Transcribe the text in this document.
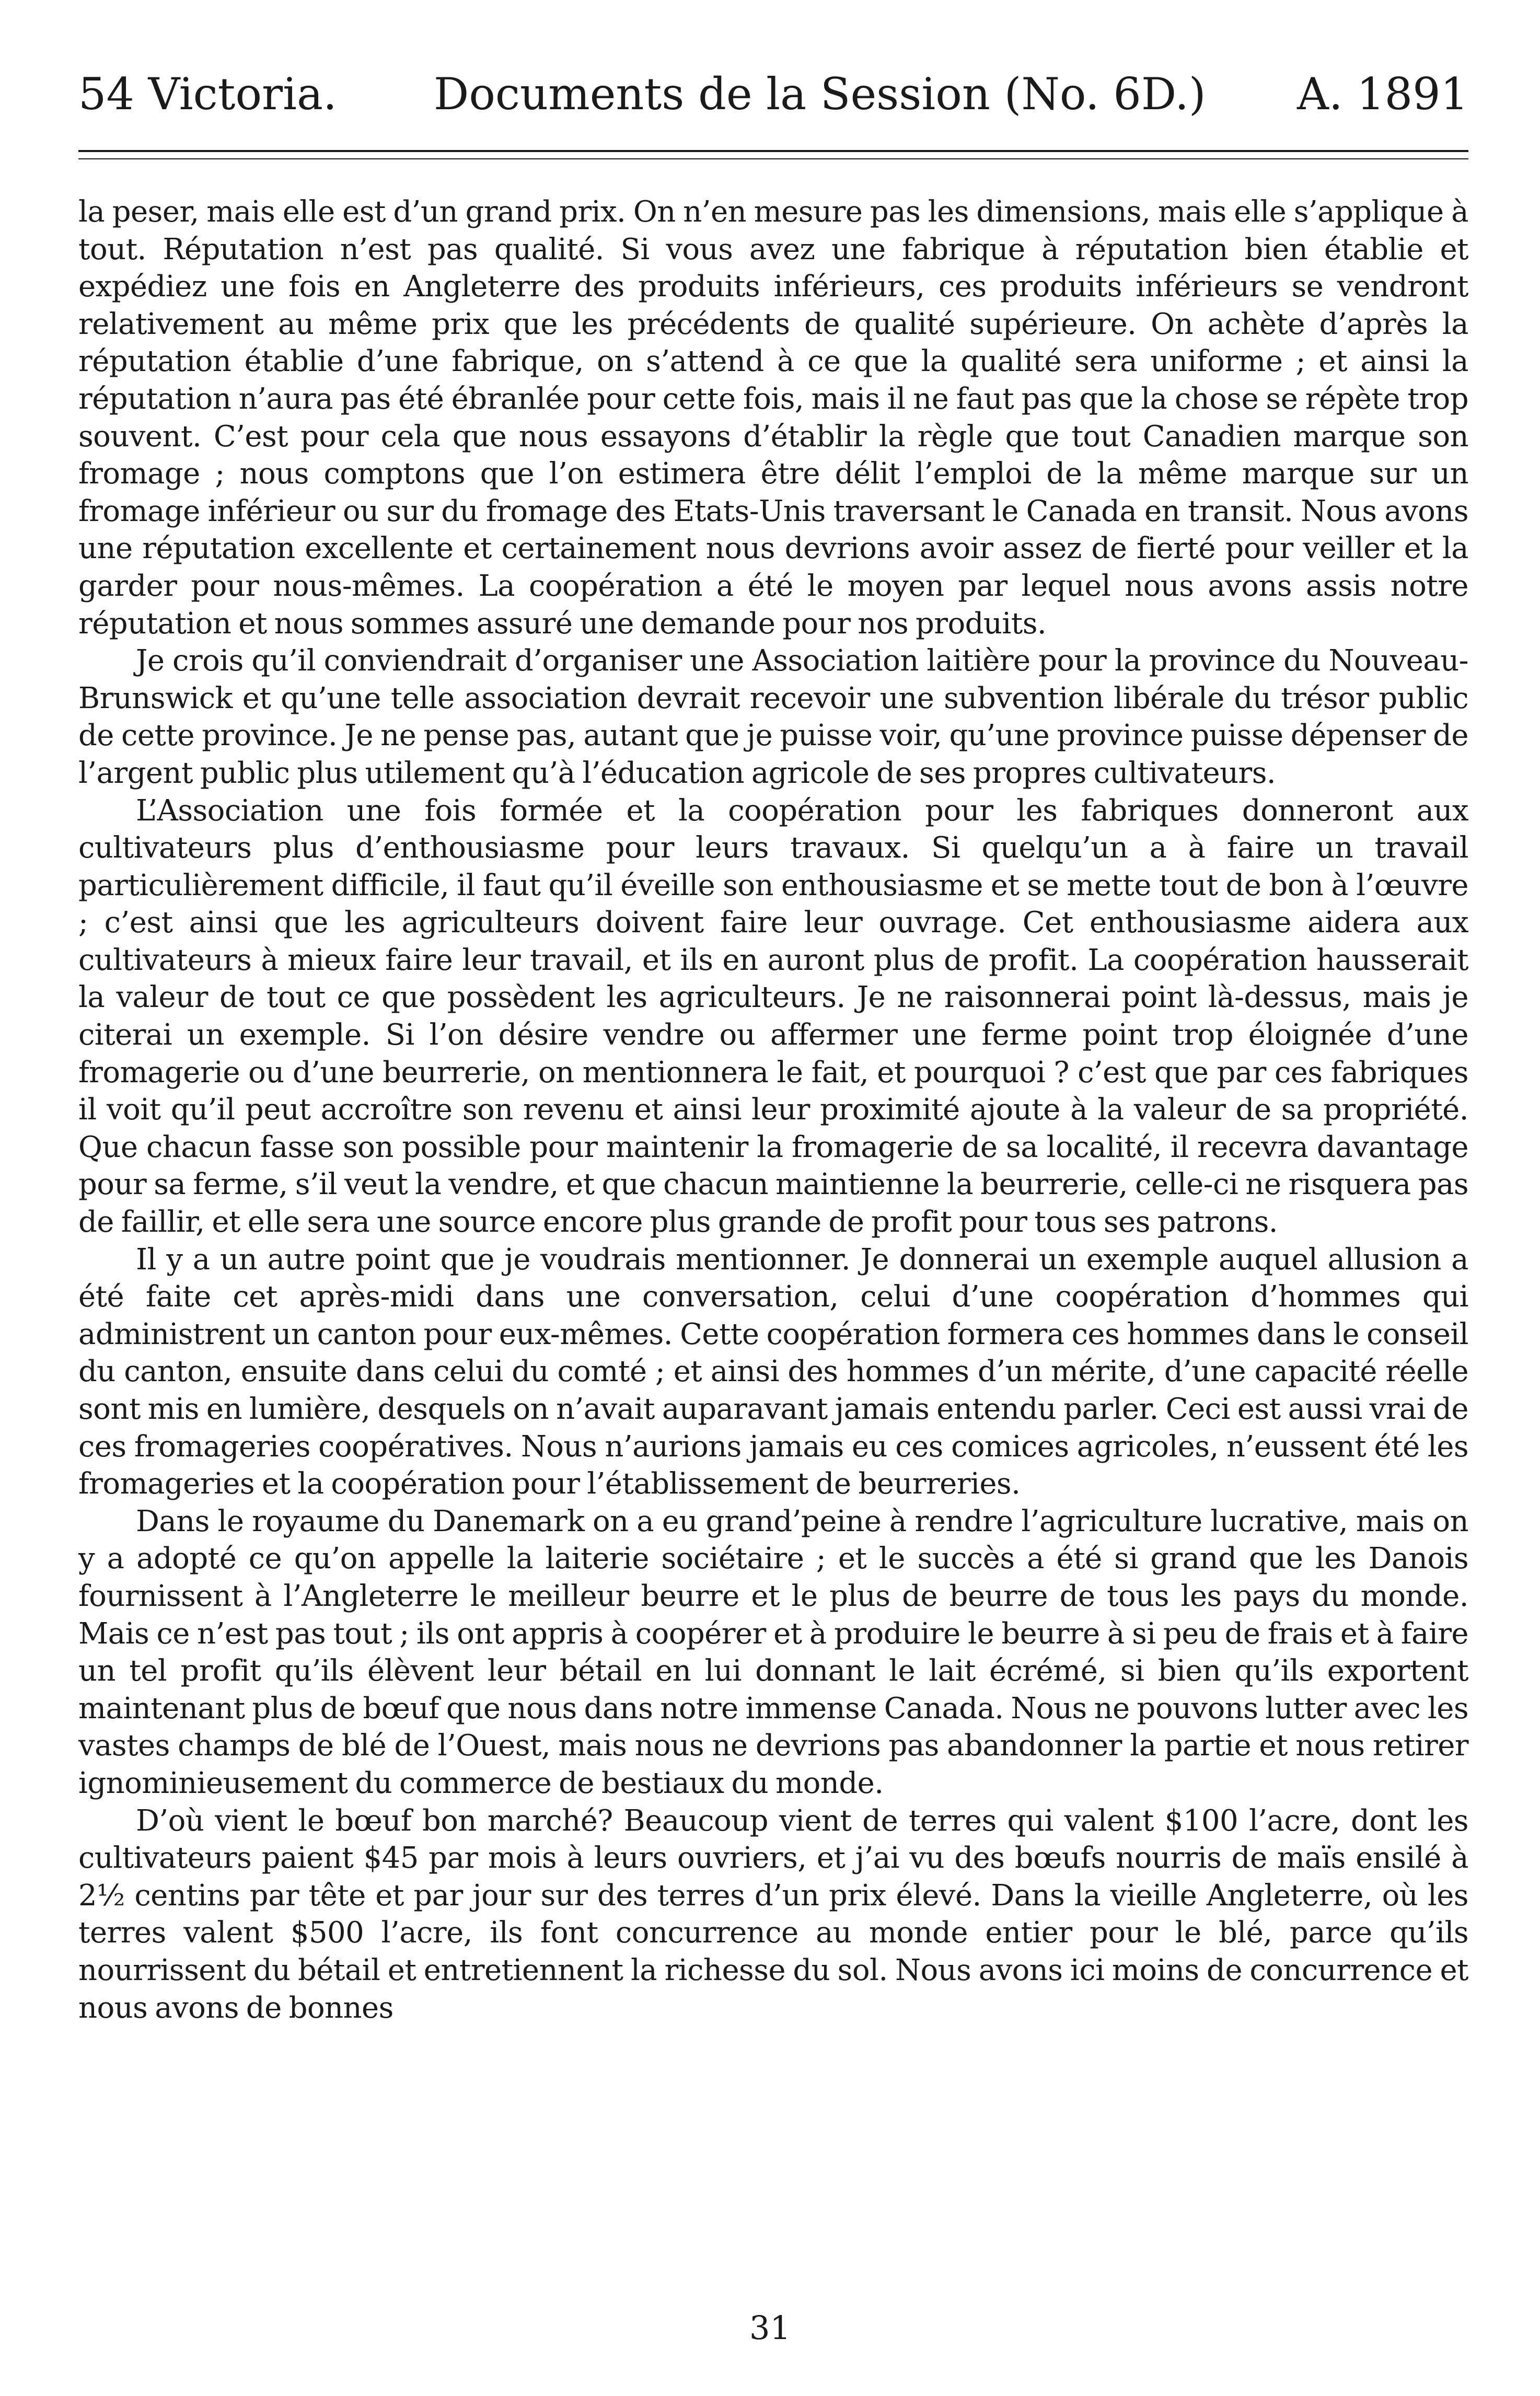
54 Victoria. Documents de la Session (No. 6D.) A. 1891

la peser, mais elle est d’un grand prix. On n’en mesure pas les dimensions, mais elle s’applique à tout. Réputation n’est pas qualité. Si vous avez une fabrique à réputation bien établie et expédiez une fois en Angleterre des produits inférieurs, ces produits inférieurs se vendront relativement au même prix que les précédents de qualité supérieure. On achète d’après la réputation établie d’une fabrique, on s’attend à ce que la qualité sera uniforme ; et ainsi la réputation n’aura pas été ébranlée pour cette fois, mais il ne faut pas que la chose se répète trop souvent. C’est pour cela que nous essayons d’établir la règle que tout Canadien marque son fromage ; nous comptons que l’on estimera être délit l’emploi de la même marque sur un fromage inférieur ou sur du fromage des Etats-Unis traversant le Canada en transit. Nous avons une réputation excellente et certainement nous devrions avoir assez de fierté pour veiller et la garder pour nous-mêmes. La coopération a été le moyen par lequel nous avons assis notre réputation et nous sommes assuré une demande pour nos produits.

Je crois qu’il conviendrait d’organiser une Association laitière pour la province du Nouveau-Brunswick et qu’une telle association devrait recevoir une subvention libérale du trésor public de cette province. Je ne pense pas, autant que je puisse voir, qu’une province puisse dépenser de l’argent public plus utilement qu’à l’éducation agricole de ses propres cultivateurs.

L’Association une fois formée et la coopération pour les fabriques donneront aux cultivateurs plus d’enthousiasme pour leurs travaux. Si quelqu’un a à faire un travail particulièrement difficile, il faut qu’il éveille son enthousiasme et se mette tout de bon à l’œuvre ; c’est ainsi que les agriculteurs doivent faire leur ouvrage. Cet enthousiasme aidera aux cultivateurs à mieux faire leur travail, et ils en auront plus de profit. La coopération hausserait la valeur de tout ce que possèdent les agriculteurs. Je ne raisonnerai point là-dessus, mais je citerai un exemple. Si l’on désire vendre ou affermer une ferme point trop éloignée d’une fromagerie ou d’une beurrerie, on mentionnera le fait, et pourquoi ? c’est que par ces fabriques il voit qu’il peut accroître son revenu et ainsi leur proximité ajoute à la valeur de sa propriété. Que chacun fasse son possible pour maintenir la fromagerie de sa localité, il recevra davantage pour sa ferme, s’il veut la vendre, et que chacun maintienne la beurrerie, celle-ci ne risquera pas de faillir, et elle sera une source encore plus grande de profit pour tous ses patrons.

Il y a un autre point que je voudrais mentionner. Je donnerai un exemple auquel allusion a été faite cet après-midi dans une conversation, celui d’une coopération d’hommes qui administrent un canton pour eux-mêmes. Cette coopération formera ces hommes dans le conseil du canton, ensuite dans celui du comté ; et ainsi des hommes d’un mérite, d’une capacité réelle sont mis en lumière, desquels on n’avait auparavant jamais entendu parler. Ceci est aussi vrai de ces fromageries coopératives. Nous n’aurions jamais eu ces comices agricoles, n’eussent été les fromageries et la coopération pour l’établissement de beurreries.

Dans le royaume du Danemark on a eu grand’peine à rendre l’agriculture lucrative, mais on y a adopté ce qu’on appelle la laiterie sociétaire ; et le succès a été si grand que les Danois fournissent à l’Angleterre le meilleur beurre et le plus de beurre de tous les pays du monde. Mais ce n’est pas tout ; ils ont appris à coopérer et à produire le beurre à si peu de frais et à faire un tel profit qu’ils élèvent leur bétail en lui donnant le lait écrémé, si bien qu’ils exportent maintenant plus de bœuf que nous dans notre immense Canada. Nous ne pouvons lutter avec les vastes champs de blé de l’Ouest, mais nous ne devrions pas abandonner la partie et nous retirer ignominieusement du commerce de bestiaux du monde.

D’où vient le bœuf bon marché? Beaucoup vient de terres qui valent $100 l’acre, dont les cultivateurs paient $45 par mois à leurs ouvriers, et j’ai vu des bœufs nourris de maïs ensilé à 2½ centins par tête et par jour sur des terres d’un prix élevé. Dans la vieille Angleterre, où les terres valent $500 l’acre, ils font concurrence au monde entier pour le blé, parce qu’ils nourrissent du bétail et entretiennent la richesse du sol. Nous avons ici moins de concurrence et nous avons de bonnes

31
